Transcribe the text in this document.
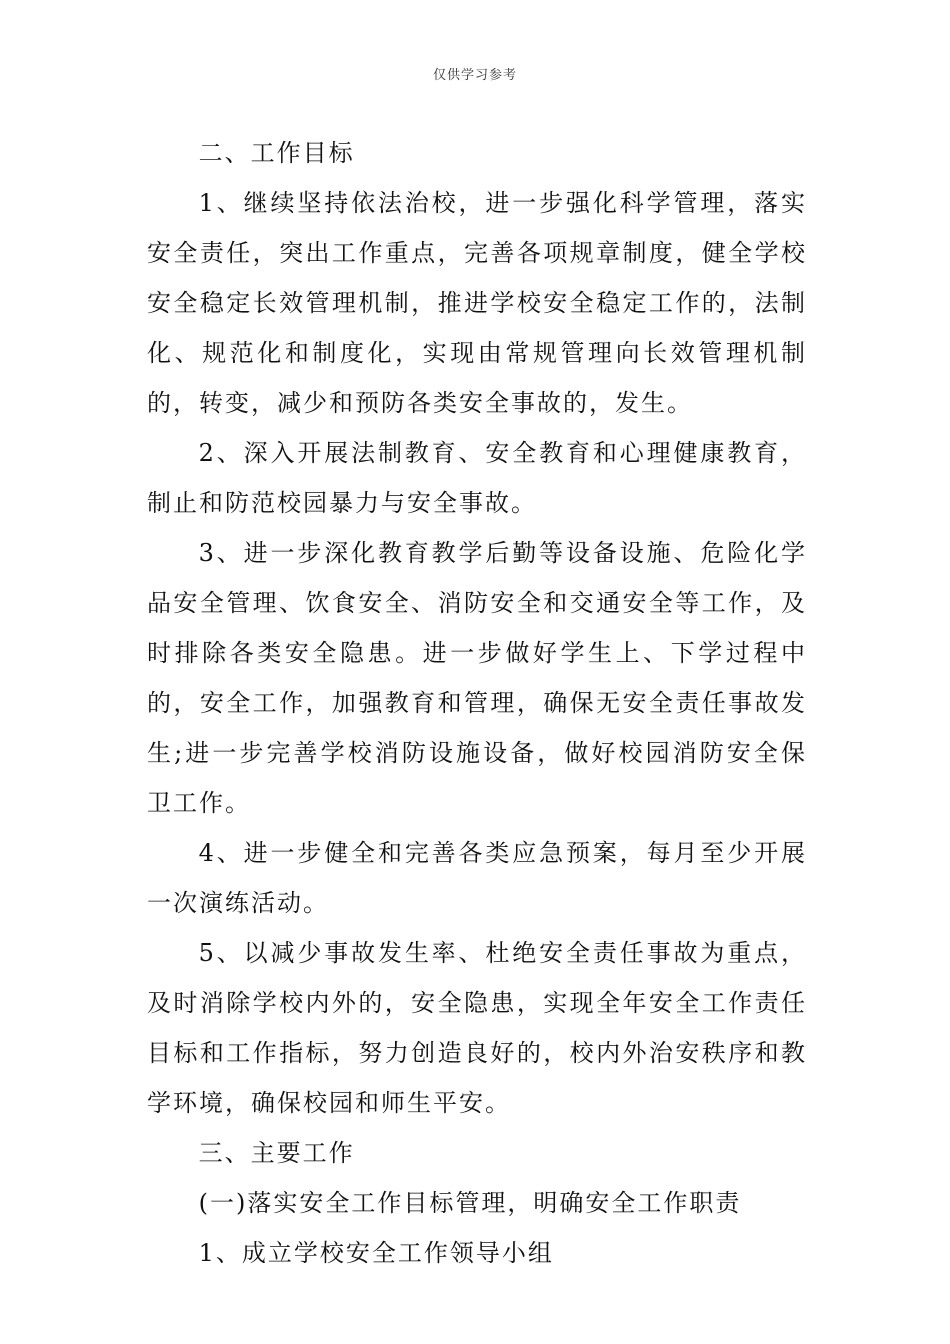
仅供学习参考

二、工作目标

1、继续坚持依法治校，进一步强化科学管理，落实安全责任，突出工作重点，完善各项规章制度，健全学校安全稳定长效管理机制，推进学校安全稳定工作的，法制化、规范化和制度化，实现由常规管理向长效管理机制的，转变，减少和预防各类安全事故的，发生。

2、深入开展法制教育、安全教育和心理健康教育，制止和防范校园暴力与安全事故。

3、进一步深化教育教学后勤等设备设施、危险化学品安全管理、饮食安全、消防安全和交通安全等工作，及时排除各类安全隐患。进一步做好学生上、下学过程中的，安全工作，加强教育和管理，确保无安全责任事故发生;进一步完善学校消防设施设备，做好校园消防安全保卫工作。

4、进一步健全和完善各类应急预案，每月至少开展一次演练活动。

5、以减少事故发生率、杜绝安全责任事故为重点，及时消除学校内外的，安全隐患，实现全年安全工作责任目标和工作指标，努力创造良好的，校内外治安秩序和教学环境，确保校园和师生平安。

三、主要工作

(一)落实安全工作目标管理，明确安全工作职责

1、成立学校安全工作领导小组
